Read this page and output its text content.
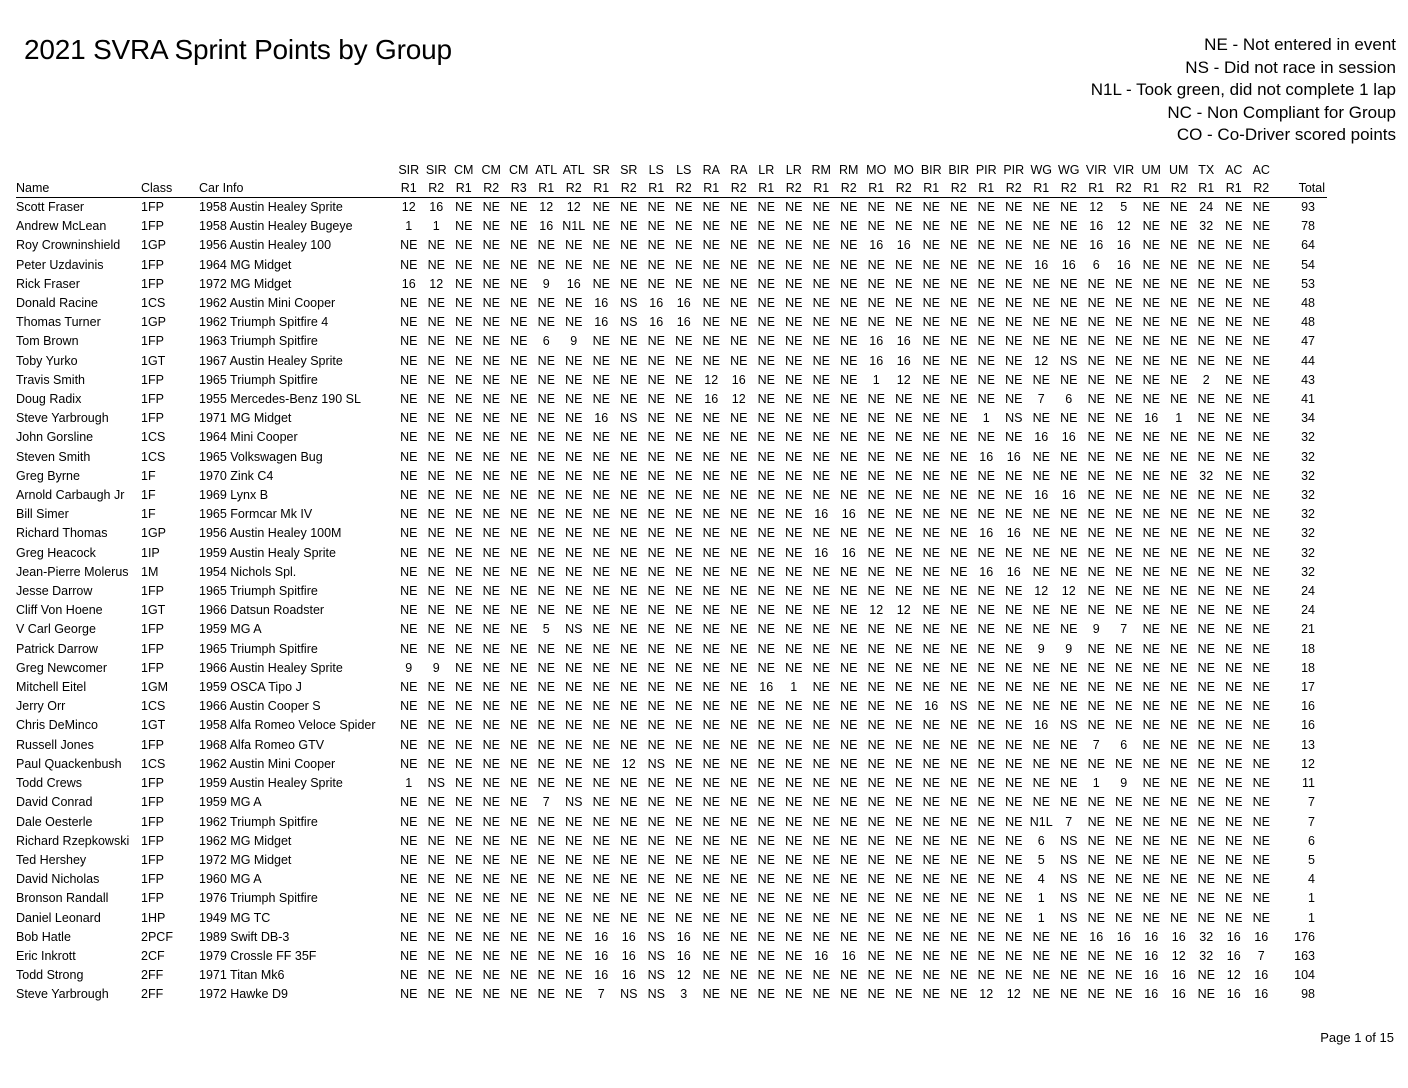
2021 SVRA Sprint Points by Group	NE - Not entered in event
NS - Did not race in session
N1L - Took green, did not complete 1 lap
NC - Non Compliant for Group
CO - Co-Driver scored points
			SIR	SIR	CM	CM	CM	ATL	ATL	SR	SR	LS	LS	RA	RA	LR	LR	RM	RM	MO	MO	BIR	BIR	PIR	PIR	WG	WG	VIR	VIR	UM	UM	TX	AC	AC	
Name	Class	Car Info	R1	R2	R1	R2	R3	R1	R2	R1	R2	R1	R2	R1	R2	R1	R2	R1	R2	R1	R2	R1	R2	R1	R2	R1	R2	R1	R2	R1	R2	R1	R1	R2	Total
Scott Fraser	1FP	1958 Austin Healey Sprite	12	16	NE	NE	NE	12	12	NE	NE	NE	NE	NE	NE	NE	NE	NE	NE	NE	NE	NE	NE	NE	NE	NE	NE	12	5	NE	NE	24	NE	NE	93
Andrew McLean	1FP	1958 Austin Healey Bugeye	1	1	NE	NE	NE	16	N1L	NE	NE	NE	NE	NE	NE	NE	NE	NE	NE	NE	NE	NE	NE	NE	NE	NE	NE	16	12	NE	NE	32	NE	NE	78
Roy Crowninshield	1GP	1956 Austin Healey 100	NE	NE	NE	NE	NE	NE	NE	NE	NE	NE	NE	NE	NE	NE	NE	NE	NE	16	16	NE	NE	NE	NE	NE	NE	16	16	NE	NE	NE	NE	NE	64
Peter Uzdavinis	1FP	1964 MG Midget	NE	NE	NE	NE	NE	NE	NE	NE	NE	NE	NE	NE	NE	NE	NE	NE	NE	NE	NE	NE	NE	NE	NE	16	16	6	16	NE	NE	NE	NE	NE	54
Rick Fraser	1FP	1972 MG Midget	16	12	NE	NE	NE	9	16	NE	NE	NE	NE	NE	NE	NE	NE	NE	NE	NE	NE	NE	NE	NE	NE	NE	NE	NE	NE	NE	NE	NE	NE	NE	53
Donald Racine	1CS	1962 Austin Mini Cooper	NE	NE	NE	NE	NE	NE	NE	16	NS	16	16	NE	NE	NE	NE	NE	NE	NE	NE	NE	NE	NE	NE	NE	NE	NE	NE	NE	NE	NE	NE	NE	48
Thomas Turner	1GP	1962 Triumph Spitfire 4	NE	NE	NE	NE	NE	NE	NE	16	NS	16	16	NE	NE	NE	NE	NE	NE	NE	NE	NE	NE	NE	NE	NE	NE	NE	NE	NE	NE	NE	NE	NE	48
Tom Brown	1FP	1963 Triumph Spitfire	NE	NE	NE	NE	NE	6	9	NE	NE	NE	NE	NE	NE	NE	NE	NE	NE	16	16	NE	NE	NE	NE	NE	NE	NE	NE	NE	NE	NE	NE	NE	47
Toby Yurko	1GT	1967 Austin Healey Sprite	NE	NE	NE	NE	NE	NE	NE	NE	NE	NE	NE	NE	NE	NE	NE	NE	NE	16	16	NE	NE	NE	NE	12	NS	NE	NE	NE	NE	NE	NE	NE	44
Travis Smith	1FP	1965 Triumph Spitfire	NE	NE	NE	NE	NE	NE	NE	NE	NE	NE	NE	12	16	NE	NE	NE	NE	1	12	NE	NE	NE	NE	NE	NE	NE	NE	NE	NE	2	NE	NE	43
Doug Radix	1FP	1955 Mercedes-Benz 190 SL	NE	NE	NE	NE	NE	NE	NE	NE	NE	NE	NE	16	12	NE	NE	NE	NE	NE	NE	NE	NE	NE	NE	7	6	NE	NE	NE	NE	NE	NE	NE	41
Steve Yarbrough	1FP	1971 MG Midget	NE	NE	NE	NE	NE	NE	NE	16	NS	NE	NE	NE	NE	NE	NE	NE	NE	NE	NE	NE	NE	1	NS	NE	NE	NE	NE	16	1	NE	NE	NE	34
John Gorsline	1CS	1964 Mini Cooper	NE	NE	NE	NE	NE	NE	NE	NE	NE	NE	NE	NE	NE	NE	NE	NE	NE	NE	NE	NE	NE	NE	NE	16	16	NE	NE	NE	NE	NE	NE	NE	32
Steven Smith	1CS	1965 Volkswagen Bug	NE	NE	NE	NE	NE	NE	NE	NE	NE	NE	NE	NE	NE	NE	NE	NE	NE	NE	NE	NE	NE	16	16	NE	NE	NE	NE	NE	NE	NE	NE	NE	32
Greg Byrne	1F	1970 Zink C4	NE	NE	NE	NE	NE	NE	NE	NE	NE	NE	NE	NE	NE	NE	NE	NE	NE	NE	NE	NE	NE	NE	NE	NE	NE	NE	NE	NE	NE	32	NE	NE	32
Arnold Carbaugh Jr	1F	1969 Lynx B	NE	NE	NE	NE	NE	NE	NE	NE	NE	NE	NE	NE	NE	NE	NE	NE	NE	NE	NE	NE	NE	NE	NE	16	16	NE	NE	NE	NE	NE	NE	NE	32
Bill Simer	1F	1965 Formcar Mk IV	NE	NE	NE	NE	NE	NE	NE	NE	NE	NE	NE	NE	NE	NE	NE	16	16	NE	NE	NE	NE	NE	NE	NE	NE	NE	NE	NE	NE	NE	NE	NE	32
Richard Thomas	1GP	1956 Austin Healey 100M	NE	NE	NE	NE	NE	NE	NE	NE	NE	NE	NE	NE	NE	NE	NE	NE	NE	NE	NE	NE	NE	16	16	NE	NE	NE	NE	NE	NE	NE	NE	NE	32
Greg Heacock	1IP	1959 Austin Healy Sprite	NE	NE	NE	NE	NE	NE	NE	NE	NE	NE	NE	NE	NE	NE	NE	16	16	NE	NE	NE	NE	NE	NE	NE	NE	NE	NE	NE	NE	NE	NE	NE	32
Jean-Pierre Molerus	1M	1954 Nichols Spl.	NE	NE	NE	NE	NE	NE	NE	NE	NE	NE	NE	NE	NE	NE	NE	NE	NE	NE	NE	NE	NE	16	16	NE	NE	NE	NE	NE	NE	NE	NE	NE	32
Jesse Darrow	1FP	1965 Triumph Spitfire	NE	NE	NE	NE	NE	NE	NE	NE	NE	NE	NE	NE	NE	NE	NE	NE	NE	NE	NE	NE	NE	NE	NE	12	12	NE	NE	NE	NE	NE	NE	NE	24
Cliff Von Hoene	1GT	1966 Datsun Roadster	NE	NE	NE	NE	NE	NE	NE	NE	NE	NE	NE	NE	NE	NE	NE	NE	NE	12	12	NE	NE	NE	NE	NE	NE	NE	NE	NE	NE	NE	NE	NE	24
V Carl George	1FP	1959 MG A	NE	NE	NE	NE	NE	5	NS	NE	NE	NE	NE	NE	NE	NE	NE	NE	NE	NE	NE	NE	NE	NE	NE	NE	NE	9	7	NE	NE	NE	NE	NE	21
Patrick Darrow	1FP	1965 Triumph Spitfire	NE	NE	NE	NE	NE	NE	NE	NE	NE	NE	NE	NE	NE	NE	NE	NE	NE	NE	NE	NE	NE	NE	NE	9	9	NE	NE	NE	NE	NE	NE	NE	18
Greg Newcomer	1FP	1966 Austin Healey Sprite	9	9	NE	NE	NE	NE	NE	NE	NE	NE	NE	NE	NE	NE	NE	NE	NE	NE	NE	NE	NE	NE	NE	NE	NE	NE	NE	NE	NE	NE	NE	NE	18
Mitchell Eitel	1GM	1959 OSCA Tipo J	NE	NE	NE	NE	NE	NE	NE	NE	NE	NE	NE	NE	NE	16	1	NE	NE	NE	NE	NE	NE	NE	NE	NE	NE	NE	NE	NE	NE	NE	NE	NE	17
Jerry Orr	1CS	1966 Austin Cooper S	NE	NE	NE	NE	NE	NE	NE	NE	NE	NE	NE	NE	NE	NE	NE	NE	NE	NE	NE	16	NS	NE	NE	NE	NE	NE	NE	NE	NE	NE	NE	NE	16
Chris DeMinco	1GT	1958 Alfa Romeo Veloce Spider	NE	NE	NE	NE	NE	NE	NE	NE	NE	NE	NE	NE	NE	NE	NE	NE	NE	NE	NE	NE	NE	NE	NE	16	NS	NE	NE	NE	NE	NE	NE	NE	16
Russell Jones	1FP	1968 Alfa Romeo GTV	NE	NE	NE	NE	NE	NE	NE	NE	NE	NE	NE	NE	NE	NE	NE	NE	NE	NE	NE	NE	NE	NE	NE	NE	NE	7	6	NE	NE	NE	NE	NE	13
Paul Quackenbush	1CS	1962 Austin Mini Cooper	NE	NE	NE	NE	NE	NE	NE	NE	12	NS	NE	NE	NE	NE	NE	NE	NE	NE	NE	NE	NE	NE	NE	NE	NE	NE	NE	NE	NE	NE	NE	NE	12
Todd Crews	1FP	1959 Austin Healey Sprite	1	NS	NE	NE	NE	NE	NE	NE	NE	NE	NE	NE	NE	NE	NE	NE	NE	NE	NE	NE	NE	NE	NE	NE	NE	1	9	NE	NE	NE	NE	NE	11
David Conrad	1FP	1959 MG A	NE	NE	NE	NE	NE	7	NS	NE	NE	NE	NE	NE	NE	NE	NE	NE	NE	NE	NE	NE	NE	NE	NE	NE	NE	NE	NE	NE	NE	NE	NE	NE	7
Dale Oesterle	1FP	1962 Triumph Spitfire	NE	NE	NE	NE	NE	NE	NE	NE	NE	NE	NE	NE	NE	NE	NE	NE	NE	NE	NE	NE	NE	NE	NE	N1L	7	NE	NE	NE	NE	NE	NE	NE	7
Richard Rzepkowski	1FP	1962 MG Midget	NE	NE	NE	NE	NE	NE	NE	NE	NE	NE	NE	NE	NE	NE	NE	NE	NE	NE	NE	NE	NE	NE	NE	6	NS	NE	NE	NE	NE	NE	NE	NE	6
Ted Hershey	1FP	1972 MG Midget	NE	NE	NE	NE	NE	NE	NE	NE	NE	NE	NE	NE	NE	NE	NE	NE	NE	NE	NE	NE	NE	NE	NE	5	NS	NE	NE	NE	NE	NE	NE	NE	5
David Nicholas	1FP	1960 MG A	NE	NE	NE	NE	NE	NE	NE	NE	NE	NE	NE	NE	NE	NE	NE	NE	NE	NE	NE	NE	NE	NE	NE	4	NS	NE	NE	NE	NE	NE	NE	NE	4
Bronson Randall	1FP	1976 Triumph Spitfire	NE	NE	NE	NE	NE	NE	NE	NE	NE	NE	NE	NE	NE	NE	NE	NE	NE	NE	NE	NE	NE	NE	NE	1	NS	NE	NE	NE	NE	NE	NE	NE	1
Daniel Leonard	1HP	1949 MG TC	NE	NE	NE	NE	NE	NE	NE	NE	NE	NE	NE	NE	NE	NE	NE	NE	NE	NE	NE	NE	NE	NE	NE	1	NS	NE	NE	NE	NE	NE	NE	NE	1
Bob Hatle	2PCF	1989 Swift DB-3	NE	NE	NE	NE	NE	NE	NE	16	16	NS	16	NE	NE	NE	NE	NE	NE	NE	NE	NE	NE	NE	NE	NE	NE	16	16	16	16	32	16	16	176
Eric Inkrott	2CF	1979 Crossle FF 35F	NE	NE	NE	NE	NE	NE	NE	16	16	NS	16	NE	NE	NE	NE	16	16	NE	NE	NE	NE	NE	NE	NE	NE	NE	NE	16	12	32	16	7	163
Todd Strong	2FF	1971 Titan Mk6	NE	NE	NE	NE	NE	NE	NE	16	16	NS	12	NE	NE	NE	NE	NE	NE	NE	NE	NE	NE	NE	NE	NE	NE	NE	NE	16	16	NE	12	16	104
Steve Yarbrough	2FF	1972 Hawke D9	NE	NE	NE	NE	NE	NE	NE	7	NS	NS	3	NE	NE	NE	NE	NE	NE	NE	NE	NE	NE	12	12	NE	NE	NE	NE	16	16	NE	16	16	98
Page 1 of 15
